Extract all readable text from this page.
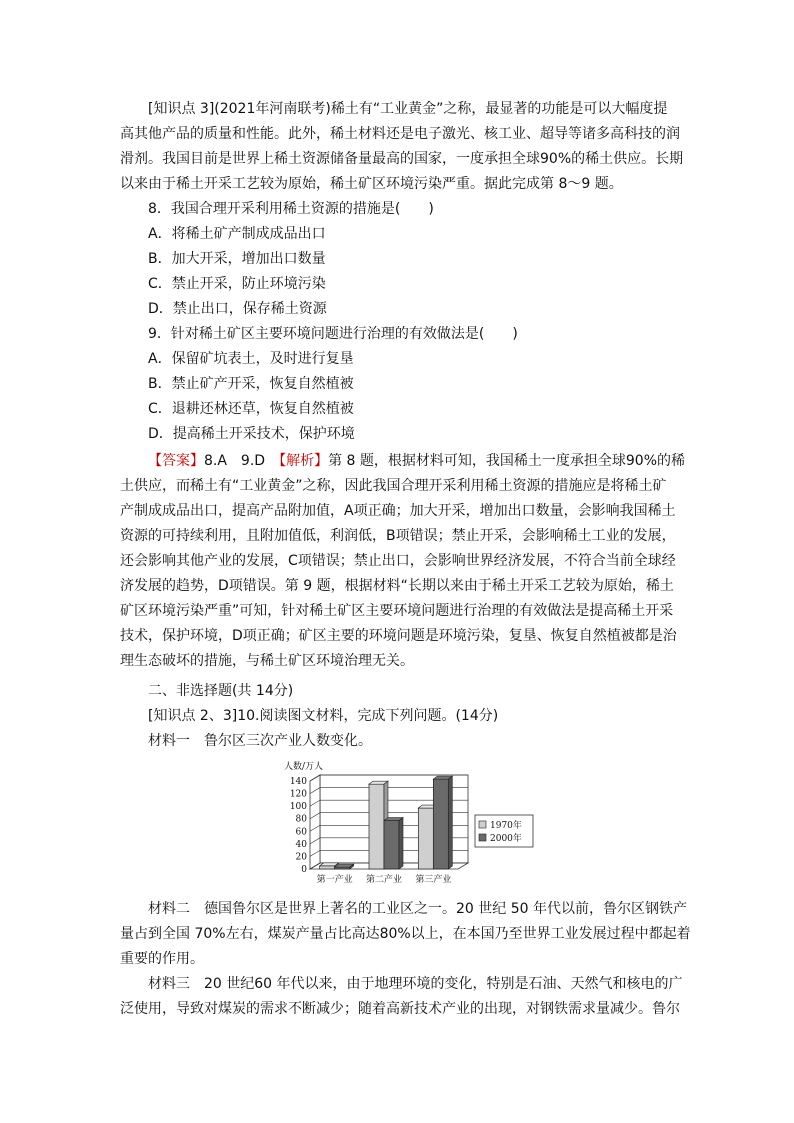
[知识点 3](2021年河南联考)稀土有“工业黄金”之称，最显著的功能是可以大幅度提
高其他产品的质量和性能。此外，稀土材料还是电子激光、核工业、超导等诸多高科技的润
滑剂。我国目前是世界上稀土资源储备量最高的国家，一度承担全球90%的稀土供应。长期
以来由于稀土开采工艺较为原始，稀土矿区环境污染严重。据此完成第 8～9 题。
8．我国合理开采利用稀土资源的措施是(　　)
A．将稀土矿产制成成品出口
B．加大开采，增加出口数量
C．禁止开采，防止环境污染
D．禁止出口，保存稀土资源
9．针对稀土矿区主要环境问题进行治理的有效做法是(　　)
A．保留矿坑表土，及时进行复垦
B．禁止矿产开采，恢复自然植被
C．退耕还林还草，恢复自然植被
D．提高稀土开采技术，保护环境
【答案】8.A　9.D　【解析】第 8 题，根据材料可知，我国稀土一度承担全球90%的稀
土供应，而稀土有“工业黄金”之称，因此我国合理开采利用稀土资源的措施应是将稀土矿
产制成成品出口，提高产品附加值，A项正确；加大开采，增加出口数量，会影响我国稀土
资源的可持续利用，且附加值低，利润低，B项错误；禁止开采，会影响稀土工业的发展，
还会影响其他产业的发展，C项错误；禁止出口，会影响世界经济发展，不符合当前全球经
济发展的趋势，D项错误。第 9 题，根据材料“长期以来由于稀土开采工艺较为原始，稀土
矿区环境污染严重”可知，针对稀土矿区主要环境问题进行治理的有效做法是提高稀土开采
技术，保护环境，D项正确；矿区主要的环境问题是环境污染，复垦、恢复自然植被都是治
理生态破坏的措施，与稀土矿区环境治理无关。
二、非选择题(共 14分)
[知识点 2、3]10.阅读图文材料，完成下列问题。(14分)
材料一　鲁尔区三次产业人数变化。
0
20
40
60
80
100
120
140
人数/万人
第一产业 第二产业 第三产业
1970年
2000年
材料二　德国鲁尔区是世界上著名的工业区之一。20 世纪 50 年代以前，鲁尔区钢铁产
量占到全国 70%左右，煤炭产量占比高达80%以上，在本国乃至世界工业发展过程中都起着
重要的作用。
材料三　20 世纪60 年代以来，由于地理环境的变化，特别是石油、天然气和核电的广
泛使用，导致对煤炭的需求不断减少；随着高新技术产业的出现，对钢铁需求量减少。鲁尔
